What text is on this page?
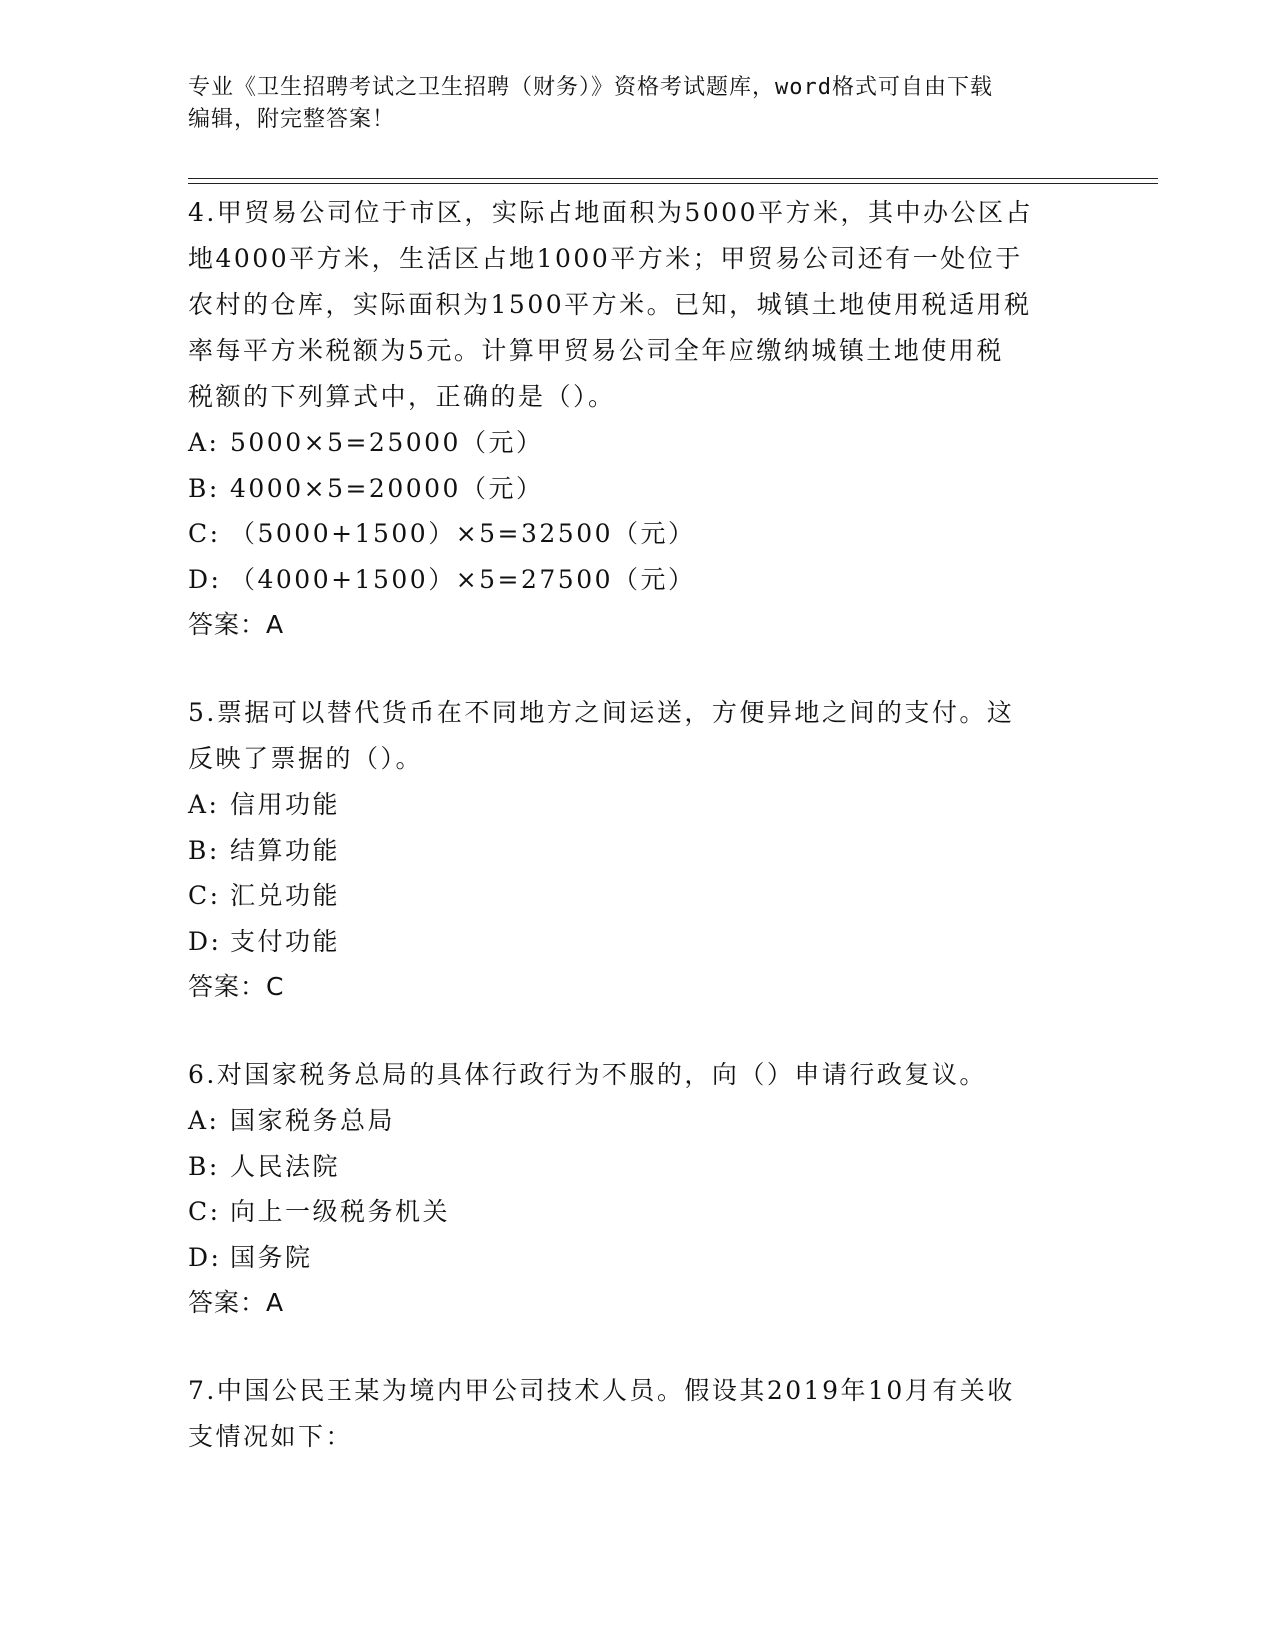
专业《卫生招聘考试之卫生招聘（财务）》资格考试题库，word格式可自由下载
编辑，附完整答案！

4.甲贸易公司位于市区，实际占地面积为5000平方米，其中办公区占

地4000平方米，生活区占地1000平方米；甲贸易公司还有一处位于

农村的仓库，实际面积为1500平方米。已知，城镇土地使用税适用税

率每平方米税额为5元。计算甲贸易公司全年应缴纳城镇土地使用税

税额的下列算式中，正确的是（）。

A: 5000×5=25000（元）

B: 4000×5=20000（元）

C: （5000+1500）×5=32500（元）

D: （4000+1500）×5=27500（元）

答案：A

5.票据可以替代货币在不同地方之间运送，方便异地之间的支付。这

反映了票据的（）。

A: 信用功能

B: 结算功能

C: 汇兑功能

D: 支付功能

答案：C

6.对国家税务总局的具体行政行为不服的，向（）申请行政复议。

A: 国家税务总局

B: 人民法院

C: 向上一级税务机关

D: 国务院

答案：A

7.中国公民王某为境内甲公司技术人员。假设其2019年10月有关收

支情况如下：
